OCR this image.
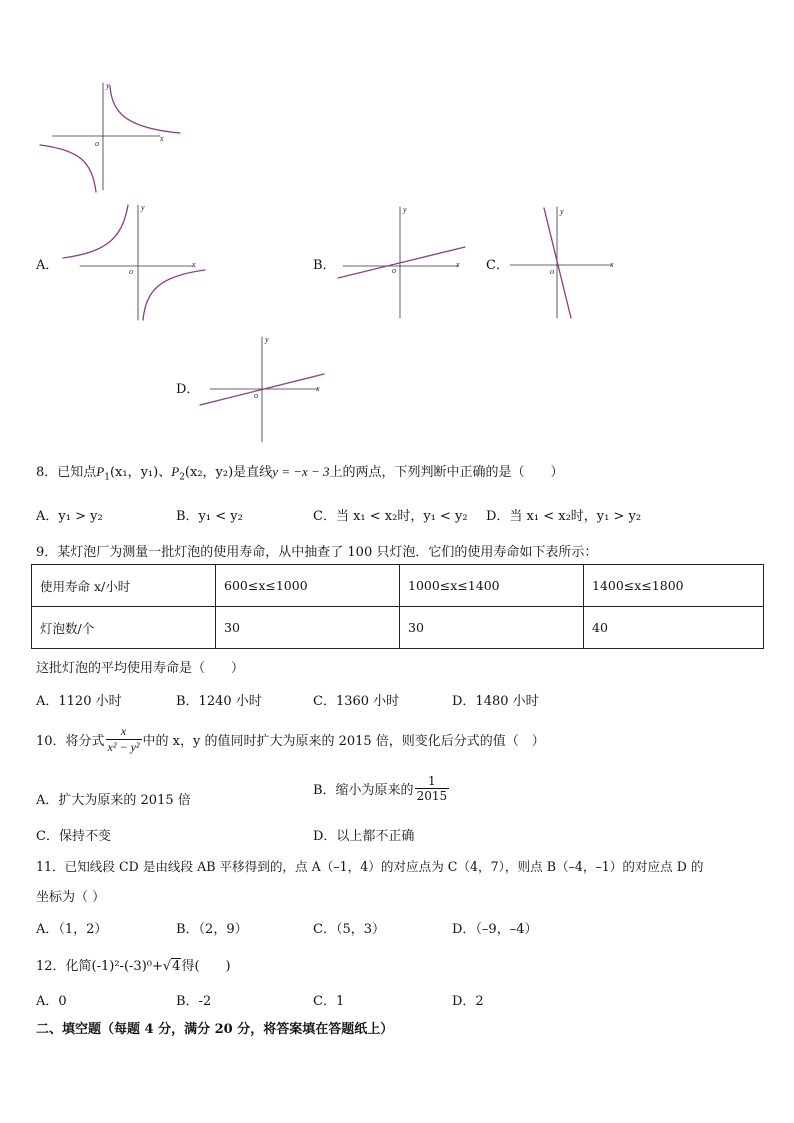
x
y
o
x
y
o
x
y
o
x
y
o
x
y
o
A．	B．	C．
D．
8．已知点$P_1(x_1$，y₁)、$P_2(x_2$，y₂)是直线y = −x − 3上的两点，下列判断中正确的是（　　）
A．y₁ > y₂	B．y₁ < y₂	C．当 x₁ < x₂时，y₁ < y₂ D．当 x₁ < x₂时，y₁ > y₂
9．某灯泡厂为测量一批灯泡的使用寿命，从中抽查了 100 只灯泡．它们的使用寿命如下表所示：
使用寿命 x/小时	600≤x≤1000	1000≤x≤1400	1400≤x≤1800
灯泡数/个	30	30	40
这批灯泡的平均使用寿命是（　　）
A．1120 小时	B．1240 小时	C．1360 小时	D．1480 小时
10．将分式 $\frac{x}{\text{x² − y²}}$ 中的 x，y 的值同时扩大为原来的 2015 倍，则变化后分式的值（　）
A．扩大为原来的 2015 倍
B．缩小为原来的 $\frac{1}{2015}$
C．保持不变	D．以上都不正确
11．已知线段 CD 是由线段 AB 平移得到的，点 A（–1，4）的对应点为 C（4，7），则点 B（–4，–1）的对应点 D 的
坐标为（ ）
A．（1，2）	B．（2，9）	C．（5，3）	D．（–9，–4）
12．化简(-1)²-(-3)⁰+√4得(　　)
A．0	B．-2	C．1	D．2
二、填空题（每题 4 分，满分 20 分，将答案填在答题纸上）
